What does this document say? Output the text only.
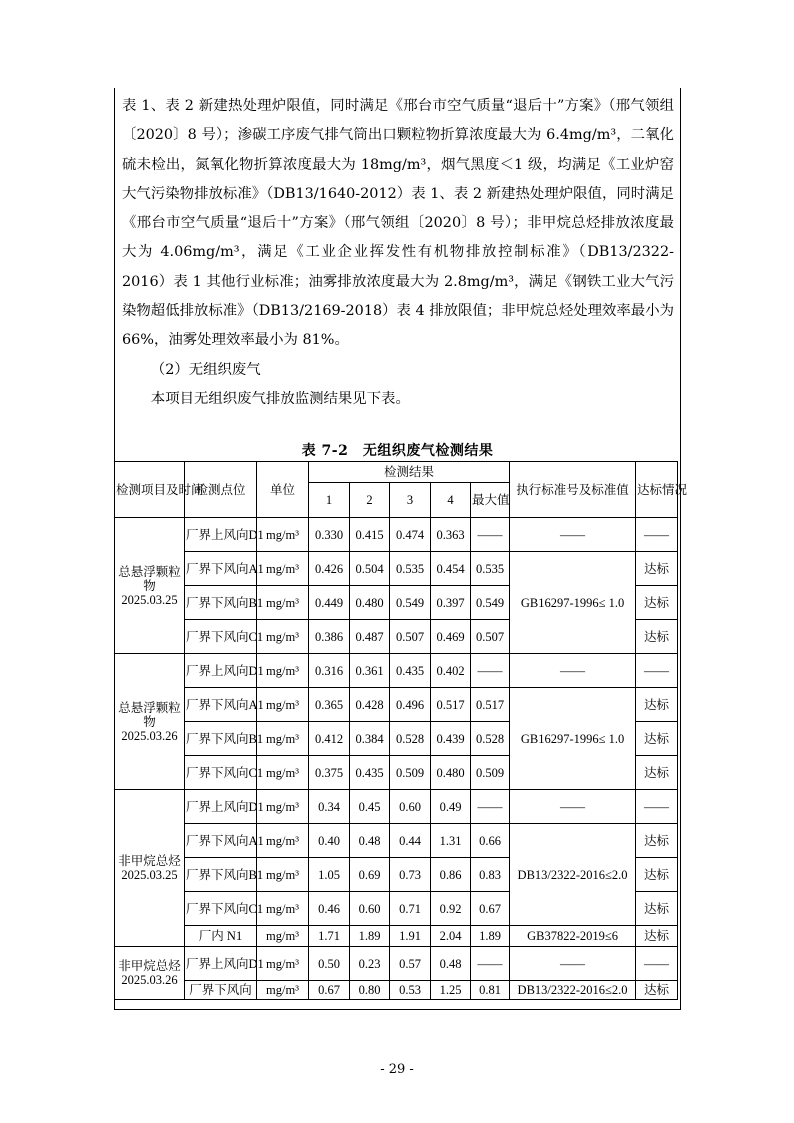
表 1、表 2 新建热处理炉限值，同时满足《邢台市空气质量“退后十”方案》（邢气领组〔2020〕8 号）；渗碳工序废气排气筒出口颗粒物折算浓度最大为 6.4mg/m³，二氧化硫未检出，氮氧化物折算浓度最大为 18mg/m³，烟气黑度＜1 级，均满足《工业炉窑大气污染物排放标准》（DB13/1640-2012）表 1、表 2 新建热处理炉限值，同时满足《邢台市空气质量“退后十”方案》（邢气领组〔2020〕8 号）；非甲烷总烃排放浓度最大为 4.06mg/m³，满足《工业企业挥发性有机物排放控制标准》（DB13/2322-2016）表 1 其他行业标准；油雾排放浓度最大为 2.8mg/m³，满足《钢铁工业大气污染物超低排放标准》（DB13/2169-2018）表 4 排放限值；非甲烷总烃处理效率最小为 66%，油雾处理效率最小为 81%。

（2）无组织废气

本项目无组织废气排放监测结果见下表。

表 7-2　无组织废气检测结果
检测项目及时间	检测点位	单位	检测结果					执行标准号及标准值	达标情况
			1	2	3	4	最大值		
总悬浮颗粒物
2025.03.25	厂界上风向D1	mg/m³	0.330	0.415	0.474	0.363	——	——	——
	厂界下风向A1	mg/m³	0.426	0.504	0.535	0.454	0.535	GB16297-1996≤ 1.0	达标
	厂界下风向B1	mg/m³	0.449	0.480	0.549	0.397	0.549		达标
	厂界下风向C1	mg/m³	0.386	0.487	0.507	0.469	0.507		达标
总悬浮颗粒物
2025.03.26	厂界上风向D1	mg/m³	0.316	0.361	0.435	0.402	——	——	——
	厂界下风向A1	mg/m³	0.365	0.428	0.496	0.517	0.517	GB16297-1996≤ 1.0	达标
	厂界下风向B1	mg/m³	0.412	0.384	0.528	0.439	0.528		达标
	厂界下风向C1	mg/m³	0.375	0.435	0.509	0.480	0.509		达标
非甲烷总烃
2025.03.25	厂界上风向D1	mg/m³	0.34	0.45	0.60	0.49	——	——	——
	厂界下风向A1	mg/m³	0.40	0.48	0.44	1.31	0.66	DB13/2322-2016≤2.0	达标
	厂界下风向B1	mg/m³	1.05	0.69	0.73	0.86	0.83		达标
	厂界下风向C1	mg/m³	0.46	0.60	0.71	0.92	0.67		达标
	厂内 N1	mg/m³	1.71	1.89	1.91	2.04	1.89	GB37822-2019≤6	达标
非甲烷总烃
2025.03.26	厂界上风向D1	mg/m³	0.50	0.23	0.57	0.48	——	——	——
	厂界下风向	mg/m³	0.67	0.80	0.53	1.25	0.81	DB13/2322-2016≤2.0	达标
- 29 -
